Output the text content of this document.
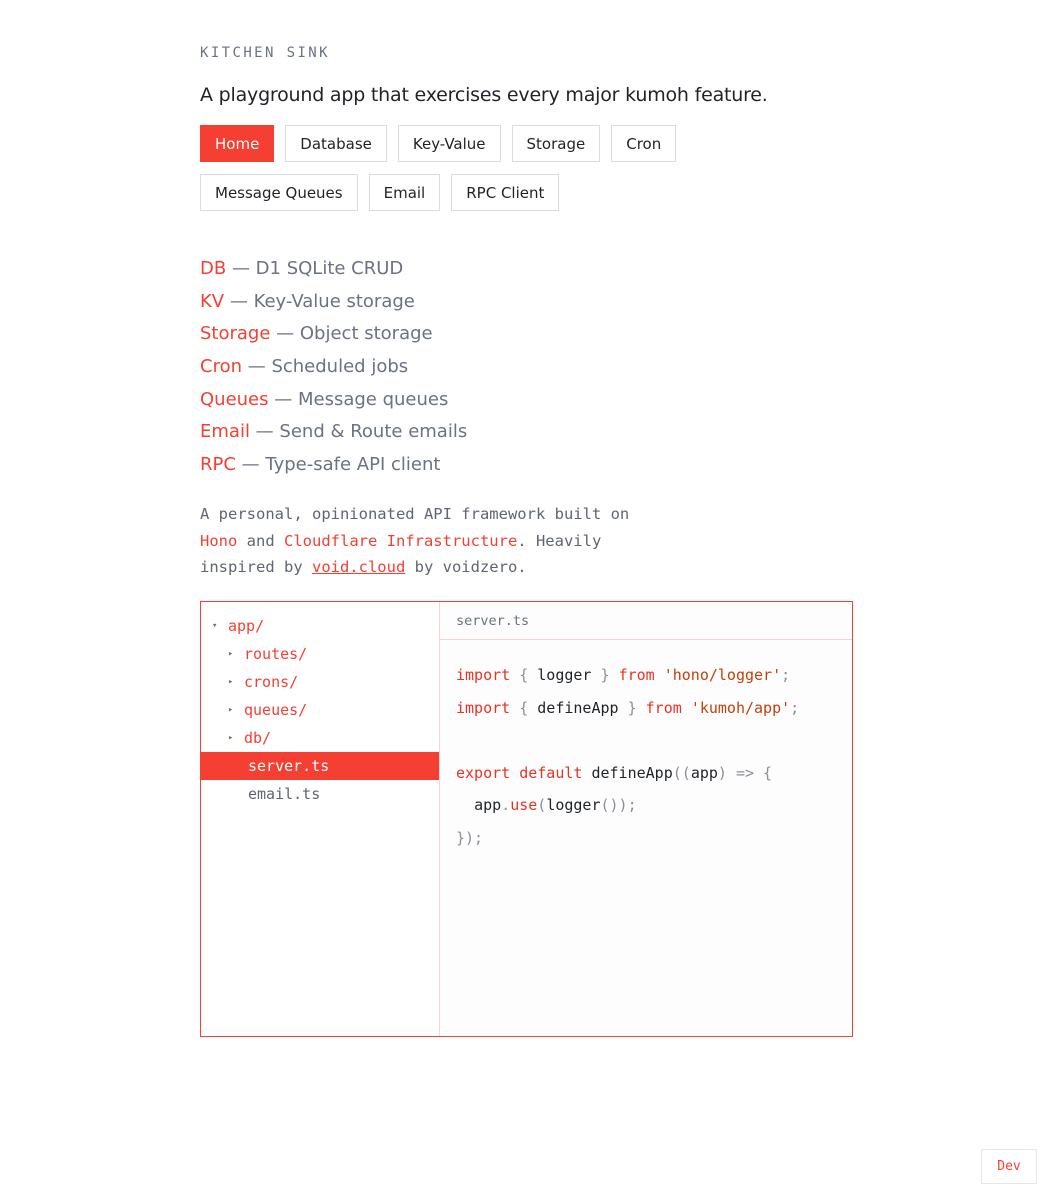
KITCHEN SINK
A playground app that exercises every major kumoh feature.
Home	Database	Key-Value	Storage	Cron
Message Queues	Email	RPC Client
DB — D1 SQLite CRUD
KV — Key-Value storage
Storage — Object storage
Cron — Scheduled jobs
Queues — Message queues
Email — Send & Route emails
RPC — Type-safe API client
A personal, opinionated API framework built on
Hono and Cloudflare Infrastructure. Heavily
inspired by void.cloud by voidzero.
▾ app/
▸ routes/
▸ crons/
▸ queues/
▸ db/
server.ts
email.ts
server.ts
import { logger } from 'hono/logger';
import { defineApp } from 'kumoh/app';
export default defineApp((app) => {
app.use(logger());
});
Dev
